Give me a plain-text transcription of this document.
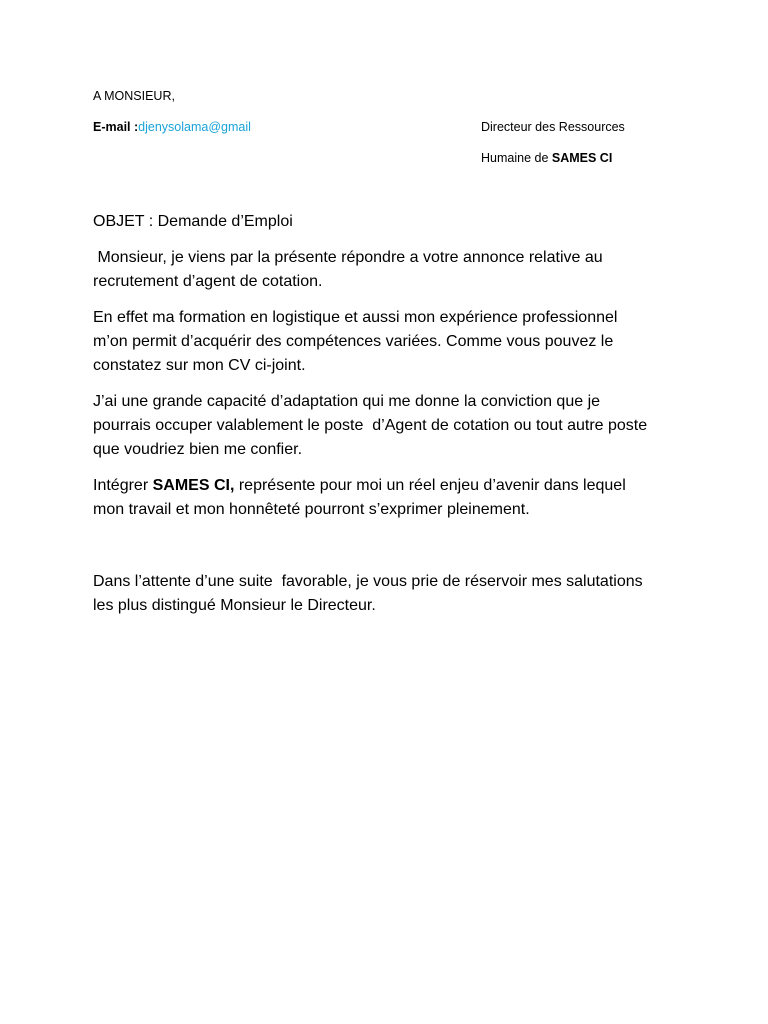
A MONSIEUR,
E-mail :djenysolama@gmail	Directeur des Ressources
Humaine de SAMES CI
OBJET : Demande d’Emploi
Monsieur, je viens par la présente répondre a votre annonce relative au
recrutement d’agent de cotation.
En effet ma formation en logistique et aussi mon expérience professionnel
m’on permit d’acquérir des compétences variées. Comme vous pouvez le
constatez sur mon CV ci-joint.
J’ai une grande capacité d’adaptation qui me donne la conviction que je
pourrais occuper valablement le poste  d’Agent de cotation ou tout autre poste
que voudriez bien me confier.
Intégrer SAMES CI, représente pour moi un réel enjeu d’avenir dans lequel
mon travail et mon honnêteté pourront s’exprimer pleinement.
Dans l’attente d’une suite  favorable, je vous prie de réservoir mes salutations
les plus distingué Monsieur le Directeur.
